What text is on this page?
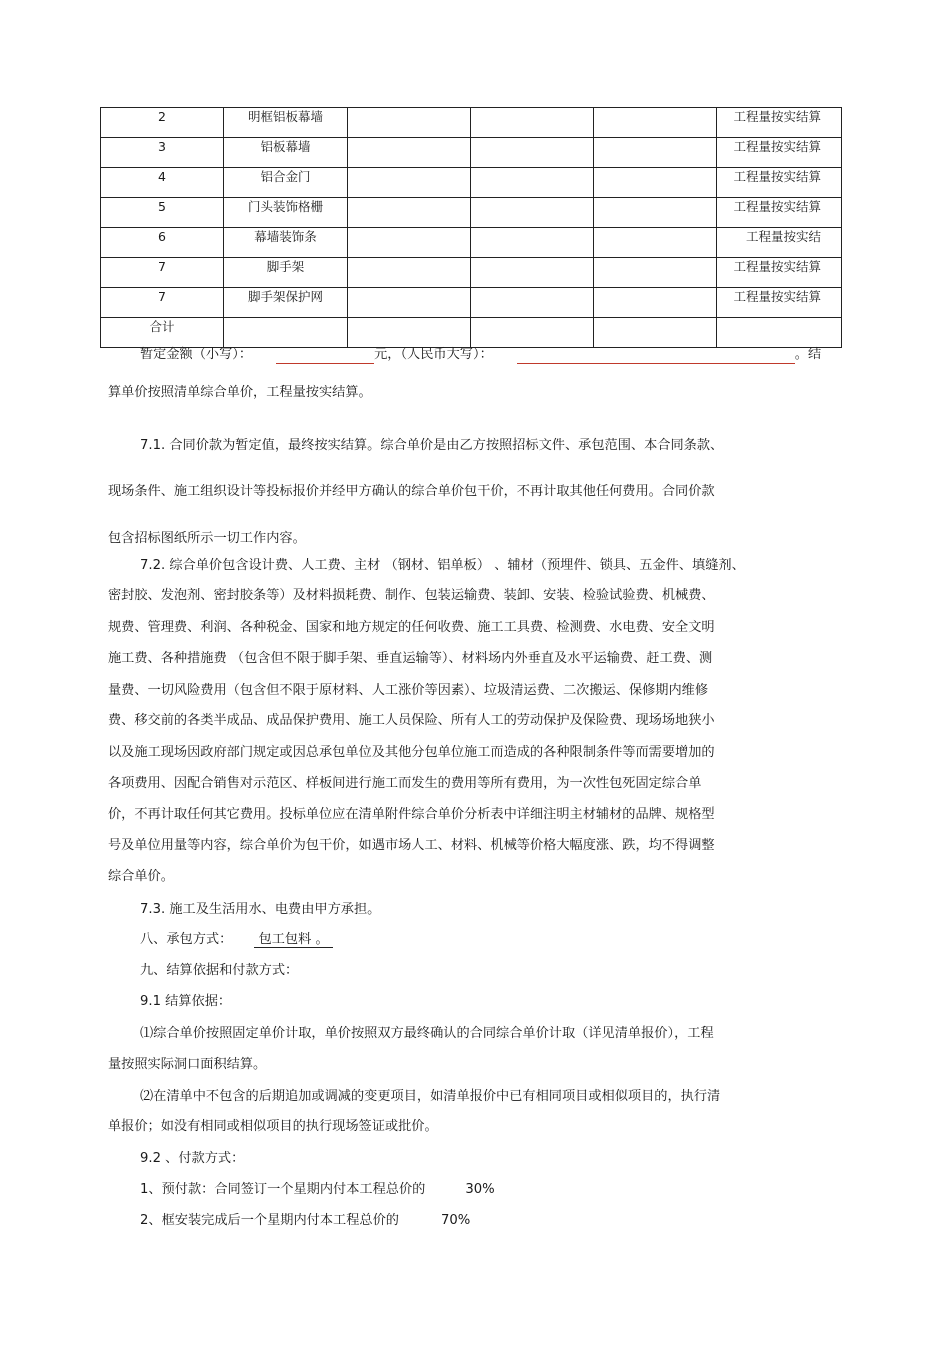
2	明框铝板幕墙				工程量按实结算
3	铝板幕墙				工程量按实结算
4	铝合金门				工程量按实结算
5	门头装饰格栅				工程量按实结算
6	幕墙装饰条				工程量按实结
7	脚手架				工程量按实结算
7	脚手架保护网				工程量按实结算
合计					
暂定金额（小写）：	元，（人民币大写）：	。结
算单价按照清单综合单价，工程量按实结算。
7.1. 合同价款为暂定值，最终按实结算。综合单价是由乙方按照招标文件、承包范围、本合同条款、
现场条件、施工组织设计等投标报价并经甲方确认的综合单价包干价，不再计取其他任何费用。合同价款
包含招标图纸所示一切工作内容。
7.2. 综合单价包含设计费、人工费、主材 （钢材、铝单板） 、辅材（预埋件、锁具、五金件、填缝剂、
密封胶、发泡剂、密封胶条等）及材料损耗费、制作、包装运输费、装卸、安装、检验试验费、机械费、
规费、管理费、利润、各种税金、国家和地方规定的任何收费、施工工具费、检测费、水电费、安全文明
施工费、各种措施费 （包含但不限于脚手架、垂直运输等）、材料场内外垂直及水平运输费、赶工费、测
量费、一切风险费用（包含但不限于原材料、人工涨价等因素）、垃圾清运费、二次搬运、保修期内维修
费、移交前的各类半成品、成品保护费用、施工人员保险、所有人工的劳动保护及保险费、现场场地狭小
以及施工现场因政府部门规定或因总承包单位及其他分包单位施工而造成的各种限制条件等而需要增加的
各项费用、因配合销售对示范区、样板间进行施工而发生的费用等所有费用，为一次性包死固定综合单
价，不再计取任何其它费用。投标单位应在清单附件综合单价分析表中详细注明主材辅材的品牌、规格型
号及单位用量等内容，综合单价为包干价，如遇市场人工、材料、机械等价格大幅度涨、跌，均不得调整
综合单价。
7.3. 施工及生活用水、电费由甲方承担。
八、承包方式： 包工包料 。
九、结算依据和付款方式：
9.1 结算依据：
⑴综合单价按照固定单价计取，单价按照双方最终确认的合同综合单价计取（详见清单报价），工程
量按照实际洞口面积结算。
⑵在清单中不包含的后期追加或调减的变更项目，如清单报价中已有相同项目或相似项目的，执行清
单报价；如没有相同或相似项目的执行现场签证或批价。
9.2 、付款方式：
1、预付款：合同签订一个星期内付本工程总价的	30%
2、框安装完成后一个星期内付本工程总价的	70%
